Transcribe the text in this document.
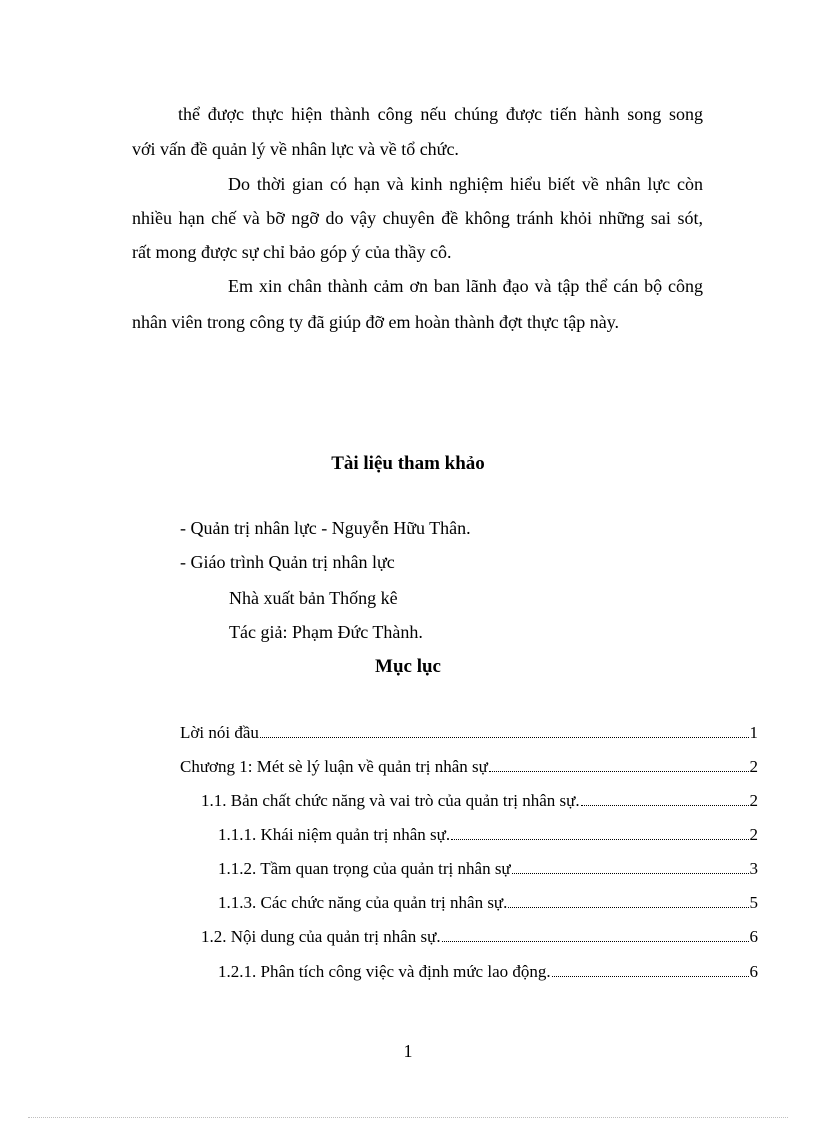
thể được thực hiện thành công nếu chúng được tiến hành song song
với vấn đề quản lý về nhân lực và về tổ chức.
Do thời gian có hạn và kinh nghiệm hiểu biết về nhân lực còn
nhiều hạn chế và bỡ ngỡ do vậy chuyên đề không tránh khỏi những sai sót,
rất mong được sự chỉ bảo góp ý của thầy cô.
Em xin chân thành cảm ơn ban lãnh đạo và tập thể cán bộ công
nhân viên trong công ty đã giúp đỡ em hoàn thành đợt thực tập này.
Tài liệu tham khảo
- Quản trị nhân lực - Nguyễn Hữu Thân.
- Giáo trình Quản trị nhân lực
Nhà xuất bản Thống kê
Tác giả: Phạm Đức Thành.
Mục lục
Lời nói đầu	1
Chương 1: Mét sè lý luận về quản trị nhân sự	2
1.1. Bản chất chức năng và vai trò của quản trị nhân sự.	2
1.1.1. Khái niệm quản trị nhân sự.	2
1.1.2. Tầm quan trọng của quản trị nhân sự	3
1.1.3. Các chức năng của quản trị nhân sự.	5
1.2. Nội dung của quản trị nhân sự.	6
1.2.1. Phân tích công việc và định mức lao động.	6
1
